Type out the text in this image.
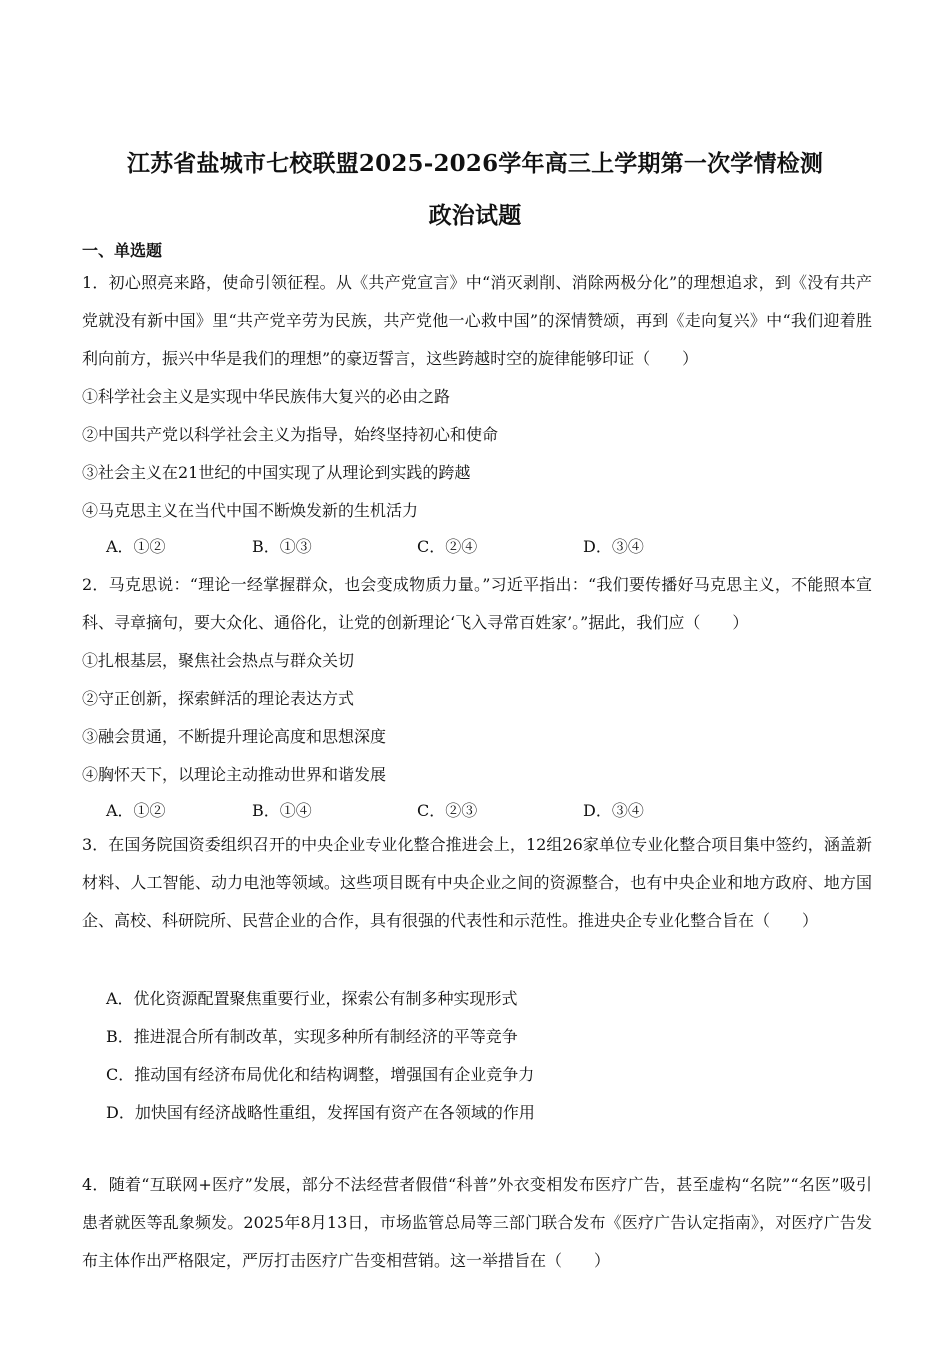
江苏省盐城市七校联盟2025-2026学年高三上学期第一次学情检测
政治试题
一、单选题
1．初心照亮来路，使命引领征程。从《共产党宣言》中“消灭剥削、消除两极分化”的理想追求，到《没有共产党就没有新中国》里“共产党辛劳为民族，共产党他一心救中国”的深情赞颂，再到《走向复兴》中“我们迎着胜利向前方，振兴中华是我们的理想”的豪迈誓言，这些跨越时空的旋律能够印证（　　）
①科学社会主义是实现中华民族伟大复兴的必由之路
②中国共产党以科学社会主义为指导，始终坚持初心和使命
③社会主义在21世纪的中国实现了从理论到实践的跨越
④马克思主义在当代中国不断焕发新的生机活力
A．①②	B．①③	C．②④	D．③④
2．马克思说：“理论一经掌握群众，也会变成物质力量。”习近平指出：“我们要传播好马克思主义，不能照本宣科、寻章摘句，要大众化、通俗化，让党的创新理论‘飞入寻常百姓家’。”据此，我们应（　　）
①扎根基层，聚焦社会热点与群众关切
②守正创新，探索鲜活的理论表达方式
③融会贯通，不断提升理论高度和思想深度
④胸怀天下，以理论主动推动世界和谐发展
A．①②	B．①④	C．②③	D．③④
3．在国务院国资委组织召开的中央企业专业化整合推进会上，12组26家单位专业化整合项目集中签约，涵盖新材料、人工智能、动力电池等领域。这些项目既有中央企业之间的资源整合，也有中央企业和地方政府、地方国企、高校、科研院所、民营企业的合作，具有很强的代表性和示范性。推进央企专业化整合旨在（　　）
A．优化资源配置聚焦重要行业，探索公有制多种实现形式
B．推进混合所有制改革，实现多种所有制经济的平等竞争
C．推动国有经济布局优化和结构调整，增强国有企业竞争力
D．加快国有经济战略性重组，发挥国有资产在各领域的作用
4．随着“互联网+医疗”发展，部分不法经营者假借“科普”外衣变相发布医疗广告，甚至虚构“名院”“名医”吸引患者就医等乱象频发。2025年8月13日，市场监管总局等三部门联合发布《医疗广告认定指南》，对医疗广告发布主体作出严格限定，严厉打击医疗广告变相营销。这一举措旨在（　　）
